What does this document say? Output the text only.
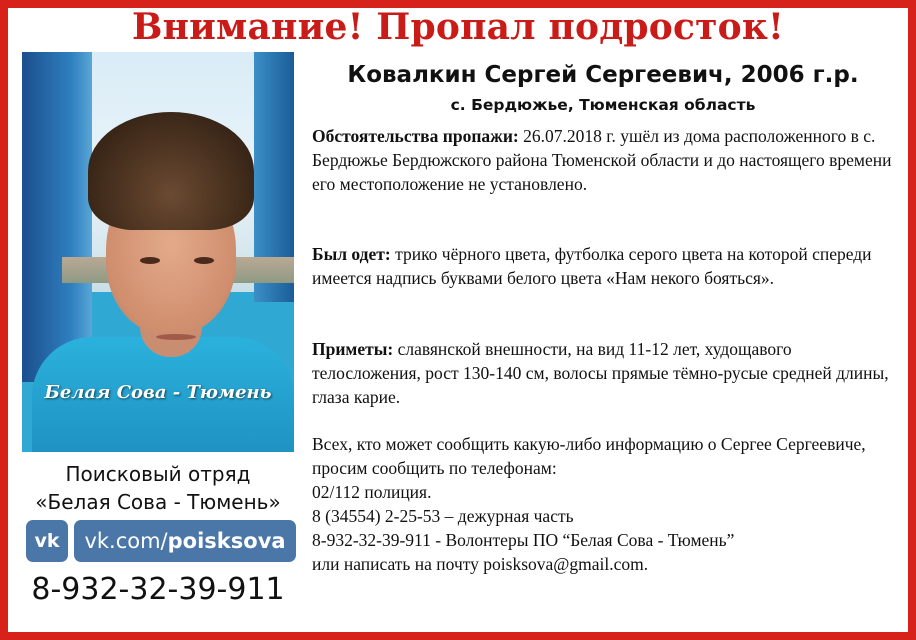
Внимание! Пропал подросток!
Белая Сова - Тюмень
Поисковый отряд
«Белая Сова - Тюмень»
vk	vk.com/poisksova
8-932-32-39-911
Ковалкин Сергей Сергеевич, 2006 г.р.
с. Бердюжье, Тюменская область
Обстоятельства пропажи: 26.07.2018 г. ушёл из дома расположенного в с. Бердюжье Бердюжского района Тюменской области и до настоящего времени его местоположение не установлено.
Был одет: трико чёрного цвета, футболка серого цвета на которой спереди имеется надпись буквами белого цвета «Нам некого бояться».
Приметы: славянской внешности, на вид 11-12 лет, худощавого телосложения, рост 130-140 см, волосы прямые тёмно-русые средней длины, глаза карие.
Всех, кто может сообщить какую-либо информацию о Сергее Сергеевиче, просим сообщить по телефонам:
02/112 полиция.
8 (34554) 2-25-53 – дежурная часть
8-932-32-39-911 - Волонтеры ПО “Белая Сова - Тюмень”
или написать на почту poisksova@gmail.com.
